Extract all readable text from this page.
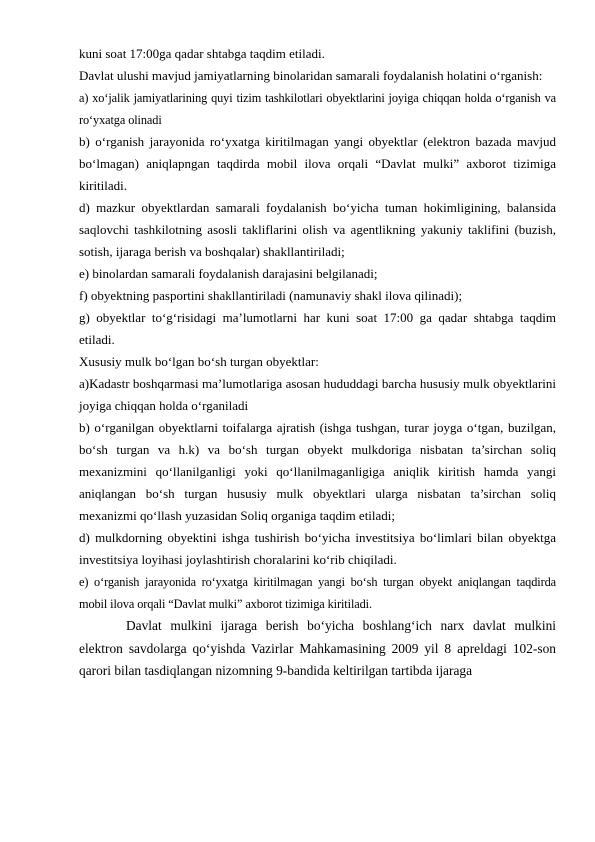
kuni soat 17:00ga qadar shtabga taqdim etiladi.

Davlat ulushi mavjud jamiyatlarning binolaridan samarali foydalanish holatini o‘rganish:

a) xo‘jalik jamiyatlarining quyi tizim tashkilotlari obyektlarini joyiga chiqqan holda o‘rganish va ro‘yxatga olinadi

b) o‘rganish jarayonida ro‘yxatga kiritilmagan yangi obyektlar (elektron bazada mavjud bo‘lmagan) aniqlapngan taqdirda mobil ilova orqali “Davlat mulki” axborot tizimiga kiritiladi.

d) mazkur obyektlardan samarali foydalanish bo‘yicha tuman hokimligining, balansida saqlovchi tashkilotning asosli takliflarini olish va agentlikning yakuniy taklifini (buzish, sotish, ijaraga berish va boshqalar) shakllantiriladi;

e) binolardan samarali foydalanish darajasini belgilanadi;

f) obyektning pasportini shakllantiriladi (namunaviy shakl ilova qilinadi);

g) obyektlar to‘g‘risidagi ma’lumotlarni har kuni soat 17:00 ga qadar shtabga taqdim etiladi.

Xususiy mulk bo‘lgan bo‘sh turgan obyektlar:

a)Kadastr boshqarmasi ma’lumotlariga asosan hududdagi barcha hususiy mulk obyektlarini joyiga chiqqan holda o‘rganiladi

b) o‘rganilgan obyektlarni toifalarga ajratish (ishga tushgan, turar joyga o‘tgan, buzilgan, bo‘sh turgan va h.k) va bo‘sh turgan obyekt mulkdoriga nisbatan ta’sirchan soliq mexanizmini qo‘llanilganligi yoki qo‘llanilmaganligiga aniqlik kiritish hamda yangi aniqlangan bo‘sh turgan hususiy mulk obyektlari ularga nisbatan ta’sirchan soliq mexanizmi qo‘llash yuzasidan Soliq organiga taqdim etiladi;

d) mulkdorning obyektini ishga tushirish bo‘yicha investitsiya bo‘limlari bilan obyektga investitsiya loyihasi joylashtirish choralarini ko‘rib chiqiladi.

e) o‘rganish jarayonida ro‘yxatga kiritilmagan yangi bo‘sh turgan obyekt aniqlangan taqdirda mobil ilova orqali “Davlat mulki” axborot tizimiga kiritiladi.

Davlat mulkini ijaraga berish bo‘yicha boshlang‘ich narx davlat mulkini elektron savdolarga qo‘yishda Vazirlar Mahkamasining 2009 yil 8 apreldagi 102-son qarori bilan tasdiqlangan nizomning 9-bandida keltirilgan tartibda ijaraga
